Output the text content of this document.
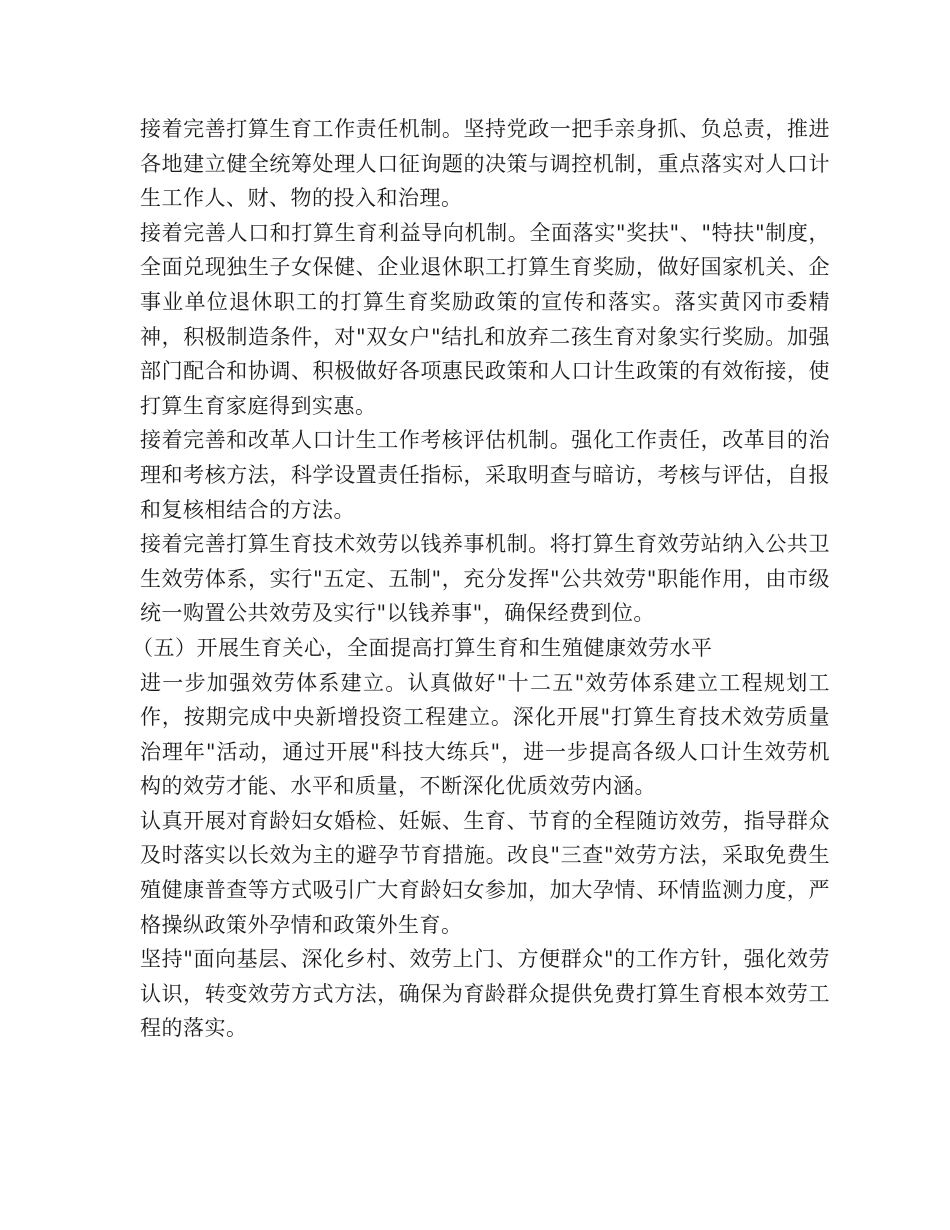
接着完善打算生育工作责任机制。坚持党政一把手亲身抓、负总责，推进各地建立健全统筹处理人口征询题的决策与调控机制，重点落实对人口计生工作人、财、物的投入和治理。

接着完善人口和打算生育利益导向机制。全面落实"奖扶"、"特扶"制度，全面兑现独生子女保健、企业退休职工打算生育奖励，做好国家机关、企事业单位退休职工的打算生育奖励政策的宣传和落实。落实黄冈市委精神，积极制造条件，对"双女户"结扎和放弃二孩生育对象实行奖励。加强部门配合和协调、积极做好各项惠民政策和人口计生政策的有效衔接，使打算生育家庭得到实惠。

接着完善和改革人口计生工作考核评估机制。强化工作责任，改革目的治理和考核方法，科学设置责任指标，采取明查与暗访，考核与评估，自报和复核相结合的方法。

接着完善打算生育技术效劳以钱养事机制。将打算生育效劳站纳入公共卫生效劳体系，实行"五定、五制"，充分发挥"公共效劳"职能作用，由市级统一购置公共效劳及实行"以钱养事"，确保经费到位。

（五）开展生育关心，全面提高打算生育和生殖健康效劳水平

进一步加强效劳体系建立。认真做好"十二五"效劳体系建立工程规划工作，按期完成中央新增投资工程建立。深化开展"打算生育技术效劳质量治理年"活动，通过开展"科技大练兵"，进一步提高各级人口计生效劳机构的效劳才能、水平和质量，不断深化优质效劳内涵。

认真开展对育龄妇女婚检、妊娠、生育、节育的全程随访效劳，指导群众及时落实以长效为主的避孕节育措施。改良"三查"效劳方法，采取免费生殖健康普查等方式吸引广大育龄妇女参加，加大孕情、环情监测力度，严格操纵政策外孕情和政策外生育。

坚持"面向基层、深化乡村、效劳上门、方便群众"的工作方针，强化效劳认识，转变效劳方式方法，确保为育龄群众提供免费打算生育根本效劳工程的落实。
